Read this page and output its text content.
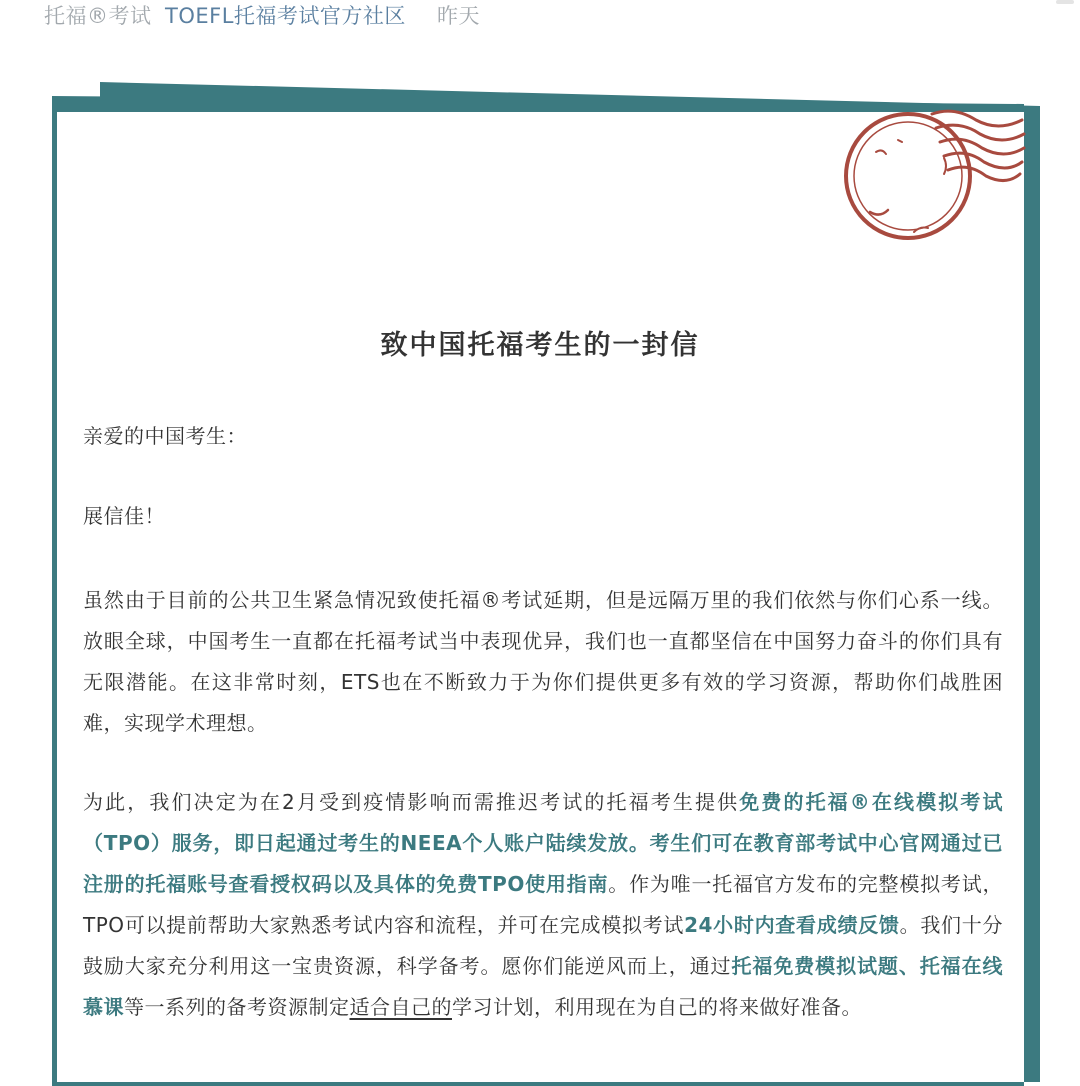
托福®考试 TOEFL托福考试官方社区 昨天
致中国托福考生的一封信
亲爱的中国考生：
展信佳！
虽然由于目前的公共卫生紧急情况致使托福®考试延期，但是远隔万里的我们依然与你们心系一线。放眼全球，中国考生一直都在托福考试当中表现优异，我们也一直都坚信在中国努力奋斗的你们具有无限潜能。在这非常时刻，ETS也在不断致力于为你们提供更多有效的学习资源，帮助你们战胜困难，实现学术理想。
为此，我们决定为在2月受到疫情影响而需推迟考试的托福考生提供免费的托福®在线模拟考试（TPO）服务，即日起通过考生的NEEA个人账户陆续发放。考生们可在教育部考试中心官网通过已注册的托福账号查看授权码以及具体的免费TPO使用指南。作为唯一托福官方发布的完整模拟考试，TPO可以提前帮助大家熟悉考试内容和流程，并可在完成模拟考试24小时内查看成绩反馈。我们十分鼓励大家充分利用这一宝贵资源，科学备考。愿你们能逆风而上，通过托福免费模拟试题、托福在线慕课等一系列的备考资源制定适合自己的学习计划，利用现在为自己的将来做好准备。
